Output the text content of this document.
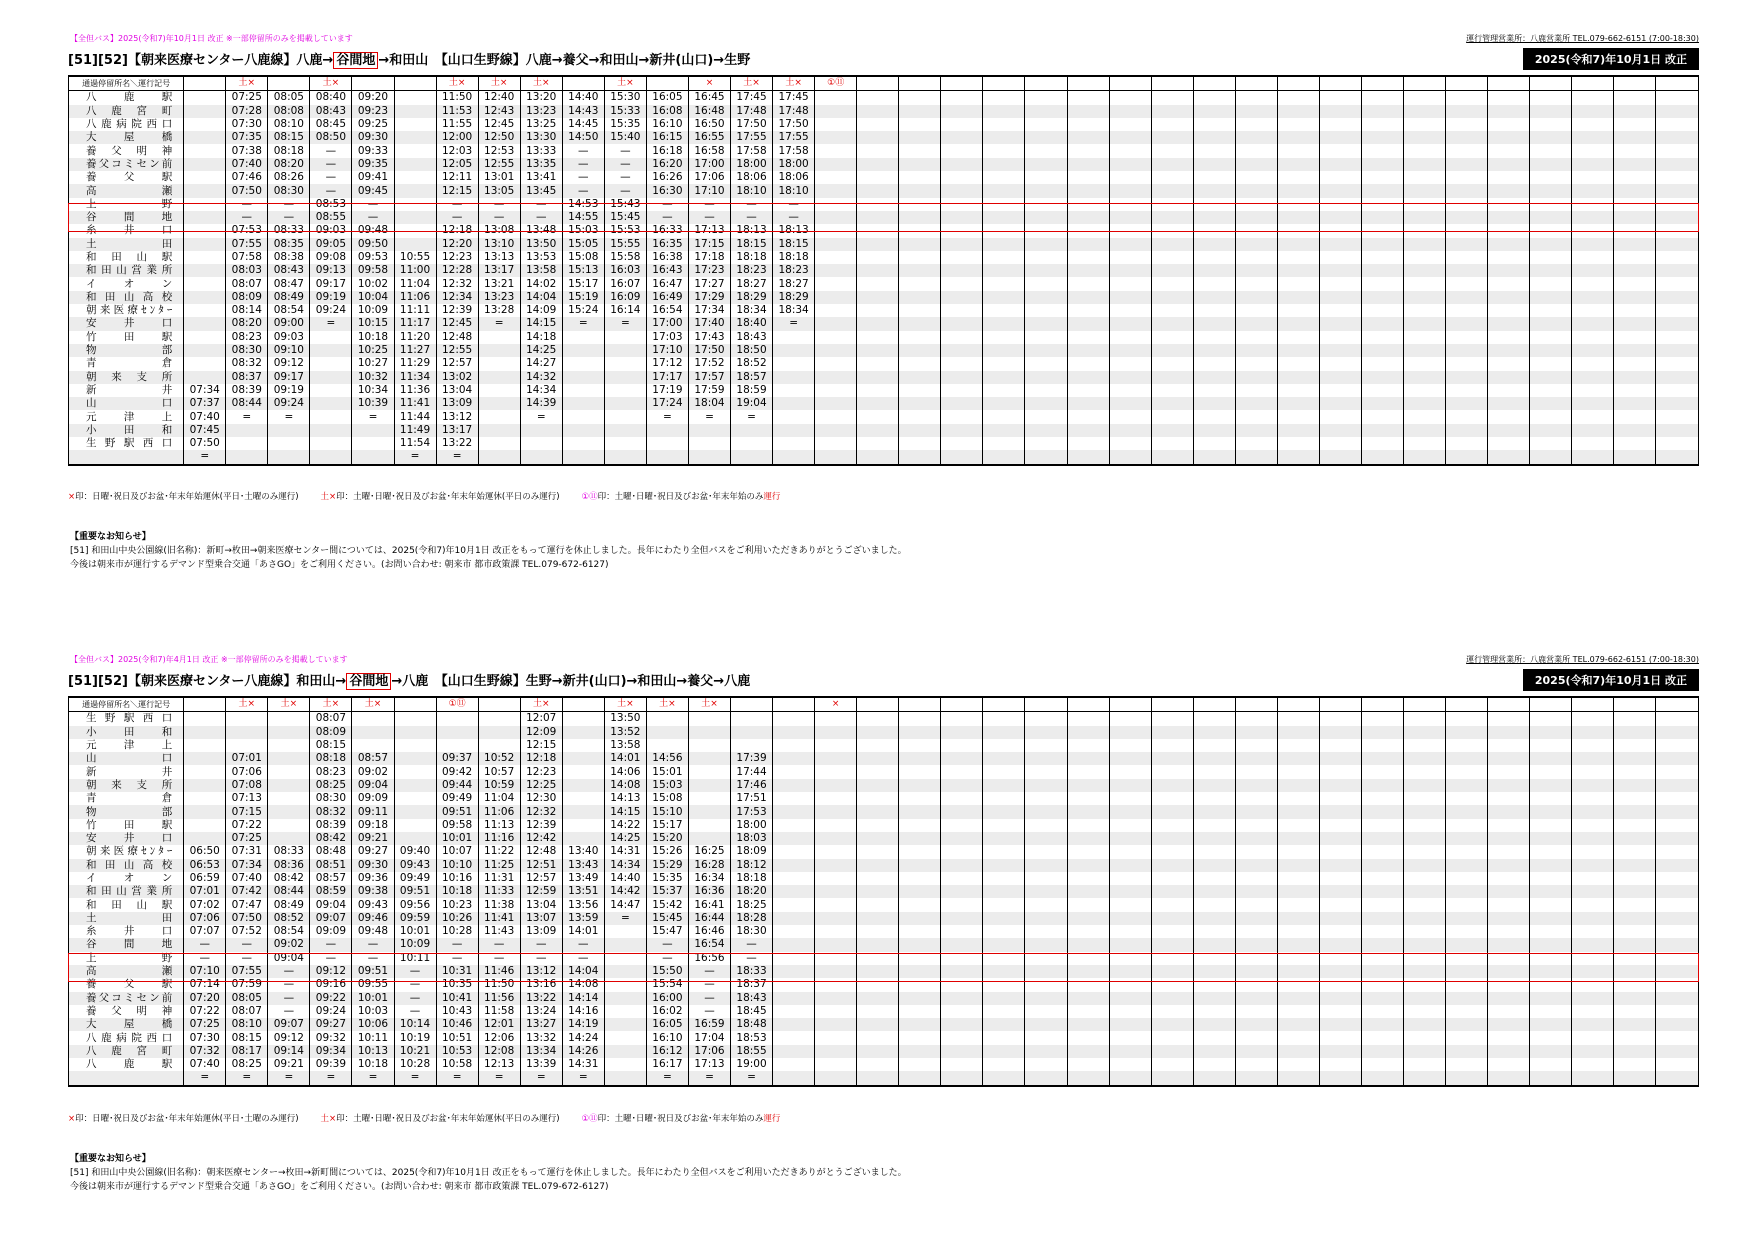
【全但バス】2025(令和7)年10月1日 改正 ※一部停留所のみを掲載しています	運行管理営業所：八鹿営業所 TEL.079-662-6151 (7:00-18:30)
[51][52]【朝来医療センター八鹿線】八鹿→ 谷間地 →和田山　【山口生野線】八鹿→養父→和田山→新井(山口)→生野	2025(令和7)年10月1日 改正
通過停留所名＼運行記号		土×		土×			土×	土×	土×		土×		×	土×	土×	①⑪																				
八鹿駅		07:25	08:05	08:40	09:20		11:50	12:40	13:20	14:40	15:30	16:05	16:45	17:45	17:45																					
八鹿宮町		07:28	08:08	08:43	09:23		11:53	12:43	13:23	14:43	15:33	16:08	16:48	17:48	17:48																					
八鹿病院西口		07:30	08:10	08:45	09:25		11:55	12:45	13:25	14:45	15:35	16:10	16:50	17:50	17:50																					
大屋橋		07:35	08:15	08:50	09:30		12:00	12:50	13:30	14:50	15:40	16:15	16:55	17:55	17:55																					
養父明神		07:38	08:18	—	09:33		12:03	12:53	13:33	—	—	16:18	16:58	17:58	17:58																					
養父コミセン前		07:40	08:20	—	09:35		12:05	12:55	13:35	—	—	16:20	17:00	18:00	18:00																					
養父駅		07:46	08:26	—	09:41		12:11	13:01	13:41	—	—	16:26	17:06	18:06	18:06																					
高瀬		07:50	08:30	—	09:45		12:15	13:05	13:45	—	—	16:30	17:10	18:10	18:10																					
上野		—	—	08:53	—		—	—	—	14:53	15:43	—	—	—	—																					
谷間地		—	—	08:55	—		—	—	—	14:55	15:45	—	—	—	—																					
糸井口		07:53	08:33	09:03	09:48		12:18	13:08	13:48	15:03	15:53	16:33	17:13	18:13	18:13																					
土田		07:55	08:35	09:05	09:50		12:20	13:10	13:50	15:05	15:55	16:35	17:15	18:15	18:15																					
和田山駅		07:58	08:38	09:08	09:53	10:55	12:23	13:13	13:53	15:08	15:58	16:38	17:18	18:18	18:18																					
和田山営業所		08:03	08:43	09:13	09:58	11:00	12:28	13:17	13:58	15:13	16:03	16:43	17:23	18:23	18:23																					
イオン		08:07	08:47	09:17	10:02	11:04	12:32	13:21	14:02	15:17	16:07	16:47	17:27	18:27	18:27																					
和田山高校		08:09	08:49	09:19	10:04	11:06	12:34	13:23	14:04	15:19	16:09	16:49	17:29	18:29	18:29																					
朝来医療ｾﾝﾀｰ		08:14	08:54	09:24	10:09	11:11	12:39	13:28	14:09	15:24	16:14	16:54	17:34	18:34	18:34																					
安井口		08:20	09:00	=	10:15	11:17	12:45	=	14:15	=	=	17:00	17:40	18:40	=																					
竹田駅		08:23	09:03		10:18	11:20	12:48		14:18			17:03	17:43	18:43																						
物部		08:30	09:10		10:25	11:27	12:55		14:25			17:10	17:50	18:50																						
青倉		08:32	09:12		10:27	11:29	12:57		14:27			17:12	17:52	18:52																						
朝来支所		08:37	09:17		10:32	11:34	13:02		14:32			17:17	17:57	18:57																						
新井	07:34	08:39	09:19		10:34	11:36	13:04		14:34			17:19	17:59	18:59																						
山口	07:37	08:44	09:24		10:39	11:41	13:09		14:39			17:24	18:04	19:04																						
元津上	07:40	=	=		=	11:44	13:12		=			=	=	=																						
小田和	07:45					11:49	13:17																													
生野駅西口	07:50					11:54	13:22																													
	=					=	=																													
×印：日曜･祝日及びお盆･年末年始運休(平日･土曜のみ運行)	土×印：土曜･日曜･祝日及びお盆･年末年始運休(平日のみ運行)	①⑪印：土曜･日曜･祝日及びお盆･年末年始のみ運行
【重要なお知らせ】
[51] 和田山中央公園線(旧名称)：新町→枚田→朝来医療センター間については、2025(令和7)年10月1日 改正をもって運行を休止しました。長年にわたり全但バスをご利用いただきありがとうございました。
今後は朝来市が運行するデマンド型乗合交通「あさGO」をご利用ください。(お問い合わせ: 朝来市 都市政策課 TEL.079-672-6127)
【全但バス】2025(令和7)年4月1日 改正 ※一部停留所のみを掲載しています	運行管理営業所：八鹿営業所 TEL.079-662-6151 (7:00-18:30)
[51][52]【朝来医療センター八鹿線】和田山→ 谷間地 →八鹿　【山口生野線】生野→新井(山口)→和田山→養父→八鹿	2025(令和7)年10月1日 改正
通過停留所名＼運行記号		土×	土×	土×	土×		①⑪		土×		土×	土×	土×			×																				
生野駅西口				08:07					12:07		13:50																									
小田和				08:09					12:09		13:52																									
元津上				08:15					12:15		13:58																									
山口		07:01		08:18	08:57		09:37	10:52	12:18		14:01	14:56		17:39																						
新井		07:06		08:23	09:02		09:42	10:57	12:23		14:06	15:01		17:44																						
朝来支所		07:08		08:25	09:04		09:44	10:59	12:25		14:08	15:03		17:46																						
青倉		07:13		08:30	09:09		09:49	11:04	12:30		14:13	15:08		17:51																						
物部		07:15		08:32	09:11		09:51	11:06	12:32		14:15	15:10		17:53																						
竹田駅		07:22		08:39	09:18		09:58	11:13	12:39		14:22	15:17		18:00																						
安井口		07:25		08:42	09:21		10:01	11:16	12:42		14:25	15:20		18:03																						
朝来医療ｾﾝﾀｰ	06:50	07:31	08:33	08:48	09:27	09:40	10:07	11:22	12:48	13:40	14:31	15:26	16:25	18:09																						
和田山高校	06:53	07:34	08:36	08:51	09:30	09:43	10:10	11:25	12:51	13:43	14:34	15:29	16:28	18:12																						
イオン	06:59	07:40	08:42	08:57	09:36	09:49	10:16	11:31	12:57	13:49	14:40	15:35	16:34	18:18																						
和田山営業所	07:01	07:42	08:44	08:59	09:38	09:51	10:18	11:33	12:59	13:51	14:42	15:37	16:36	18:20																						
和田山駅	07:02	07:47	08:49	09:04	09:43	09:56	10:23	11:38	13:04	13:56	14:47	15:42	16:41	18:25																						
土田	07:06	07:50	08:52	09:07	09:46	09:59	10:26	11:41	13:07	13:59	=	15:45	16:44	18:28																						
糸井口	07:07	07:52	08:54	09:09	09:48	10:01	10:28	11:43	13:09	14:01		15:47	16:46	18:30																						
谷間地	—	—	09:02	—	—	10:09	—	—	—	—		—	16:54	—																						
上野	—	—	09:04	—	—	10:11	—	—	—	—		—	16:56	—																						
高瀬	07:10	07:55	—	09:12	09:51	—	10:31	11:46	13:12	14:04		15:50	—	18:33																						
養父駅	07:14	07:59	—	09:16	09:55	—	10:35	11:50	13:16	14:08		15:54	—	18:37																						
養父コミセン前	07:20	08:05	—	09:22	10:01	—	10:41	11:56	13:22	14:14		16:00	—	18:43																						
養父明神	07:22	08:07	—	09:24	10:03	—	10:43	11:58	13:24	14:16		16:02	—	18:45																						
大屋橋	07:25	08:10	09:07	09:27	10:06	10:14	10:46	12:01	13:27	14:19		16:05	16:59	18:48																						
八鹿病院西口	07:30	08:15	09:12	09:32	10:11	10:19	10:51	12:06	13:32	14:24		16:10	17:04	18:53																						
八鹿宮町	07:32	08:17	09:14	09:34	10:13	10:21	10:53	12:08	13:34	14:26		16:12	17:06	18:55																						
八鹿駅	07:40	08:25	09:21	09:39	10:18	10:28	10:58	12:13	13:39	14:31		16:17	17:13	19:00																						
	=	=	=	=	=	=	=	=	=	=		=	=	=																						
×印：日曜･祝日及びお盆･年末年始運休(平日･土曜のみ運行)	土×印：土曜･日曜･祝日及びお盆･年末年始運休(平日のみ運行)	①⑪印：土曜･日曜･祝日及びお盆･年末年始のみ運行
【重要なお知らせ】
[51] 和田山中央公園線(旧名称)：朝来医療センター→枚田→新町間については、2025(令和7)年10月1日 改正をもって運行を休止しました。長年にわたり全但バスをご利用いただきありがとうございました。
今後は朝来市が運行するデマンド型乗合交通「あさGO」をご利用ください。(お問い合わせ: 朝来市 都市政策課 TEL.079-672-6127)
